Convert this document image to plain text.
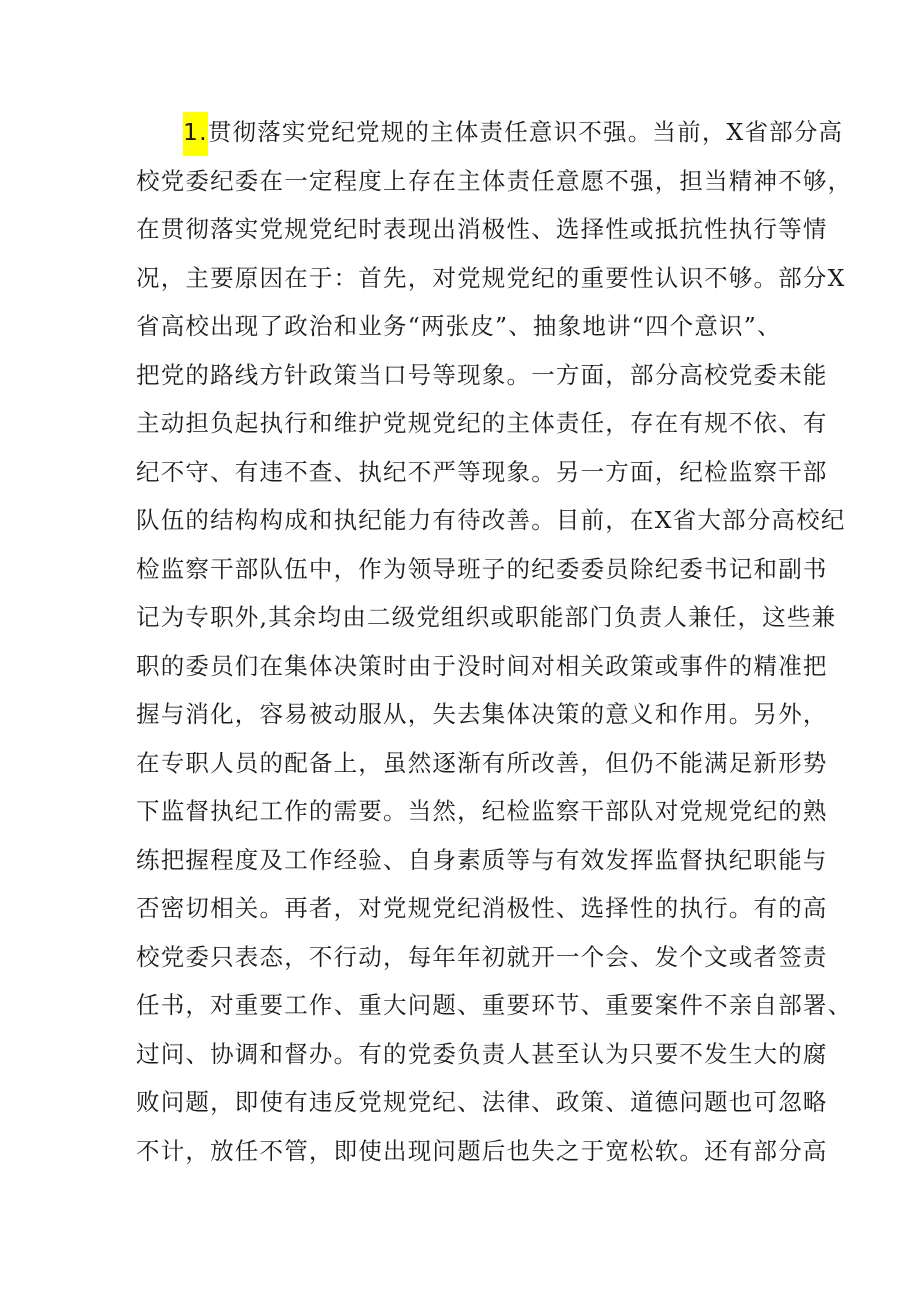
1.贯彻落实党纪党规的主体责任意识不强。当前，X省部分高
校党委纪委在一定程度上存在主体责任意愿不强，担当精神不够，
在贯彻落实党规党纪时表现出消极性、选择性或抵抗性执行等情
况，主要原因在于：首先，对党规党纪的重要性认识不够。部分X
省高校出现了政治和业务“两张皮”、抽象地讲“四个意识”、
把党的路线方针政策当口号等现象。一方面，部分高校党委未能
主动担负起执行和维护党规党纪的主体责任，存在有规不依、有
纪不守、有违不查、执纪不严等现象。另一方面，纪检监察干部
队伍的结构构成和执纪能力有待改善。目前，在X省大部分高校纪
检监察干部队伍中，作为领导班子的纪委委员除纪委书记和副书
记为专职外,其余均由二级党组织或职能部门负责人兼任，这些兼
职的委员们在集体决策时由于没时间对相关政策或事件的精准把
握与消化，容易被动服从，失去集体决策的意义和作用。另外，
在专职人员的配备上，虽然逐渐有所改善，但仍不能满足新形势
下监督执纪工作的需要。当然，纪检监察干部队对党规党纪的熟
练把握程度及工作经验、自身素质等与有效发挥监督执纪职能与
否密切相关。再者，对党规党纪消极性、选择性的执行。有的高
校党委只表态，不行动，每年年初就开一个会、发个文或者签责
任书，对重要工作、重大问题、重要环节、重要案件不亲自部署、
过问、协调和督办。有的党委负责人甚至认为只要不发生大的腐
败问题，即使有违反党规党纪、法律、政策、道德问题也可忽略
不计，放任不管，即使出现问题后也失之于宽松软。还有部分高
